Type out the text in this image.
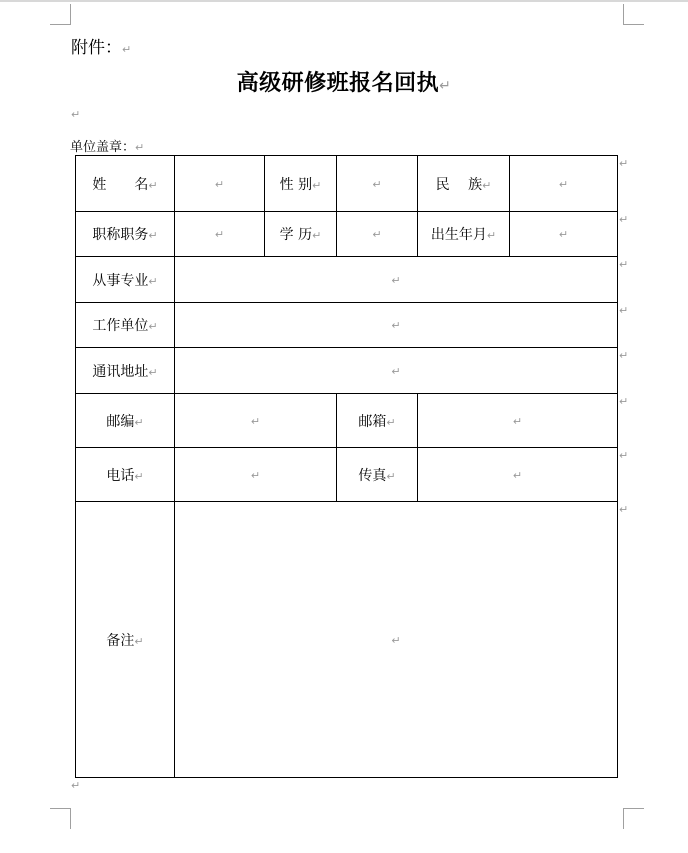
附件：↵
高级研修班报名回执↵
↵
单位盖章：↵
姓　　名↵	↵	性 别↵	↵	民　 族↵	↵
职称职务↵	↵	学 历↵	↵	出生年月↵	↵
从事专业↵	↵				
工作单位↵	↵				
通讯地址↵	↵				
邮编↵	↵		邮箱↵	↵	
电话↵	↵		传真↵	↵	
备注↵	↵				
↵
↵
↵
↵
↵
↵
↵
↵
↵
